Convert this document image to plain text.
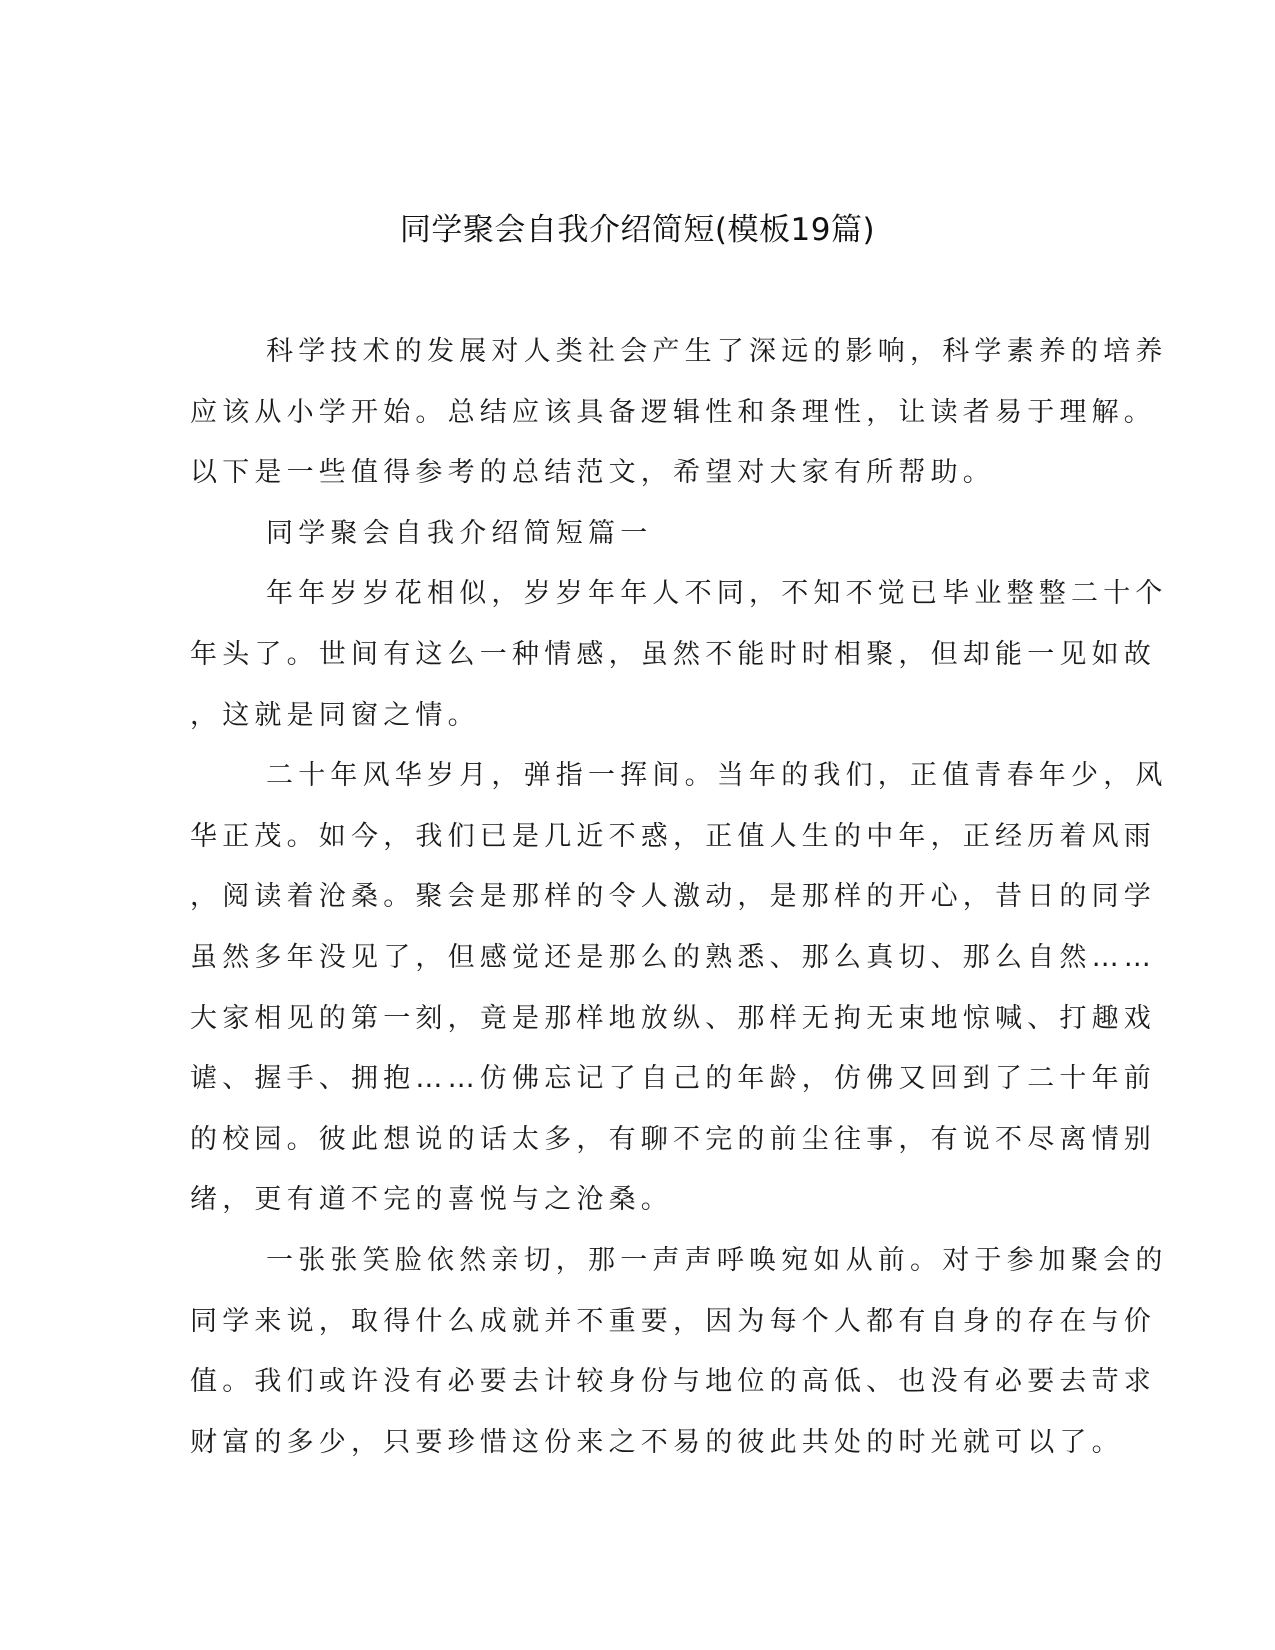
同学聚会自我介绍简短(模板19篇)
科学技术的发展对人类社会产生了深远的影响，科学素养的培养
应该从小学开始。总结应该具备逻辑性和条理性，让读者易于理解。
以下是一些值得参考的总结范文，希望对大家有所帮助。
同学聚会自我介绍简短篇一
年年岁岁花相似，岁岁年年人不同，不知不觉已毕业整整二十个
年头了。世间有这么一种情感，虽然不能时时相聚，但却能一见如故
，这就是同窗之情。
二十年风华岁月，弹指一挥间。当年的我们，正值青春年少，风
华正茂。如今，我们已是几近不惑，正值人生的中年，正经历着风雨
，阅读着沧桑。聚会是那样的令人激动，是那样的开心，昔日的同学
虽然多年没见了，但感觉还是那么的熟悉、那么真切、那么自然……
大家相见的第一刻，竟是那样地放纵、那样无拘无束地惊喊、打趣戏
谑、握手、拥抱……仿佛忘记了自己的年龄，仿佛又回到了二十年前
的校园。彼此想说的话太多，有聊不完的前尘往事，有说不尽离情别
绪，更有道不完的喜悦与之沧桑。
一张张笑脸依然亲切，那一声声呼唤宛如从前。对于参加聚会的
同学来说，取得什么成就并不重要，因为每个人都有自身的存在与价
值。我们或许没有必要去计较身份与地位的高低、也没有必要去苛求
财富的多少，只要珍惜这份来之不易的彼此共处的时光就可以了。
